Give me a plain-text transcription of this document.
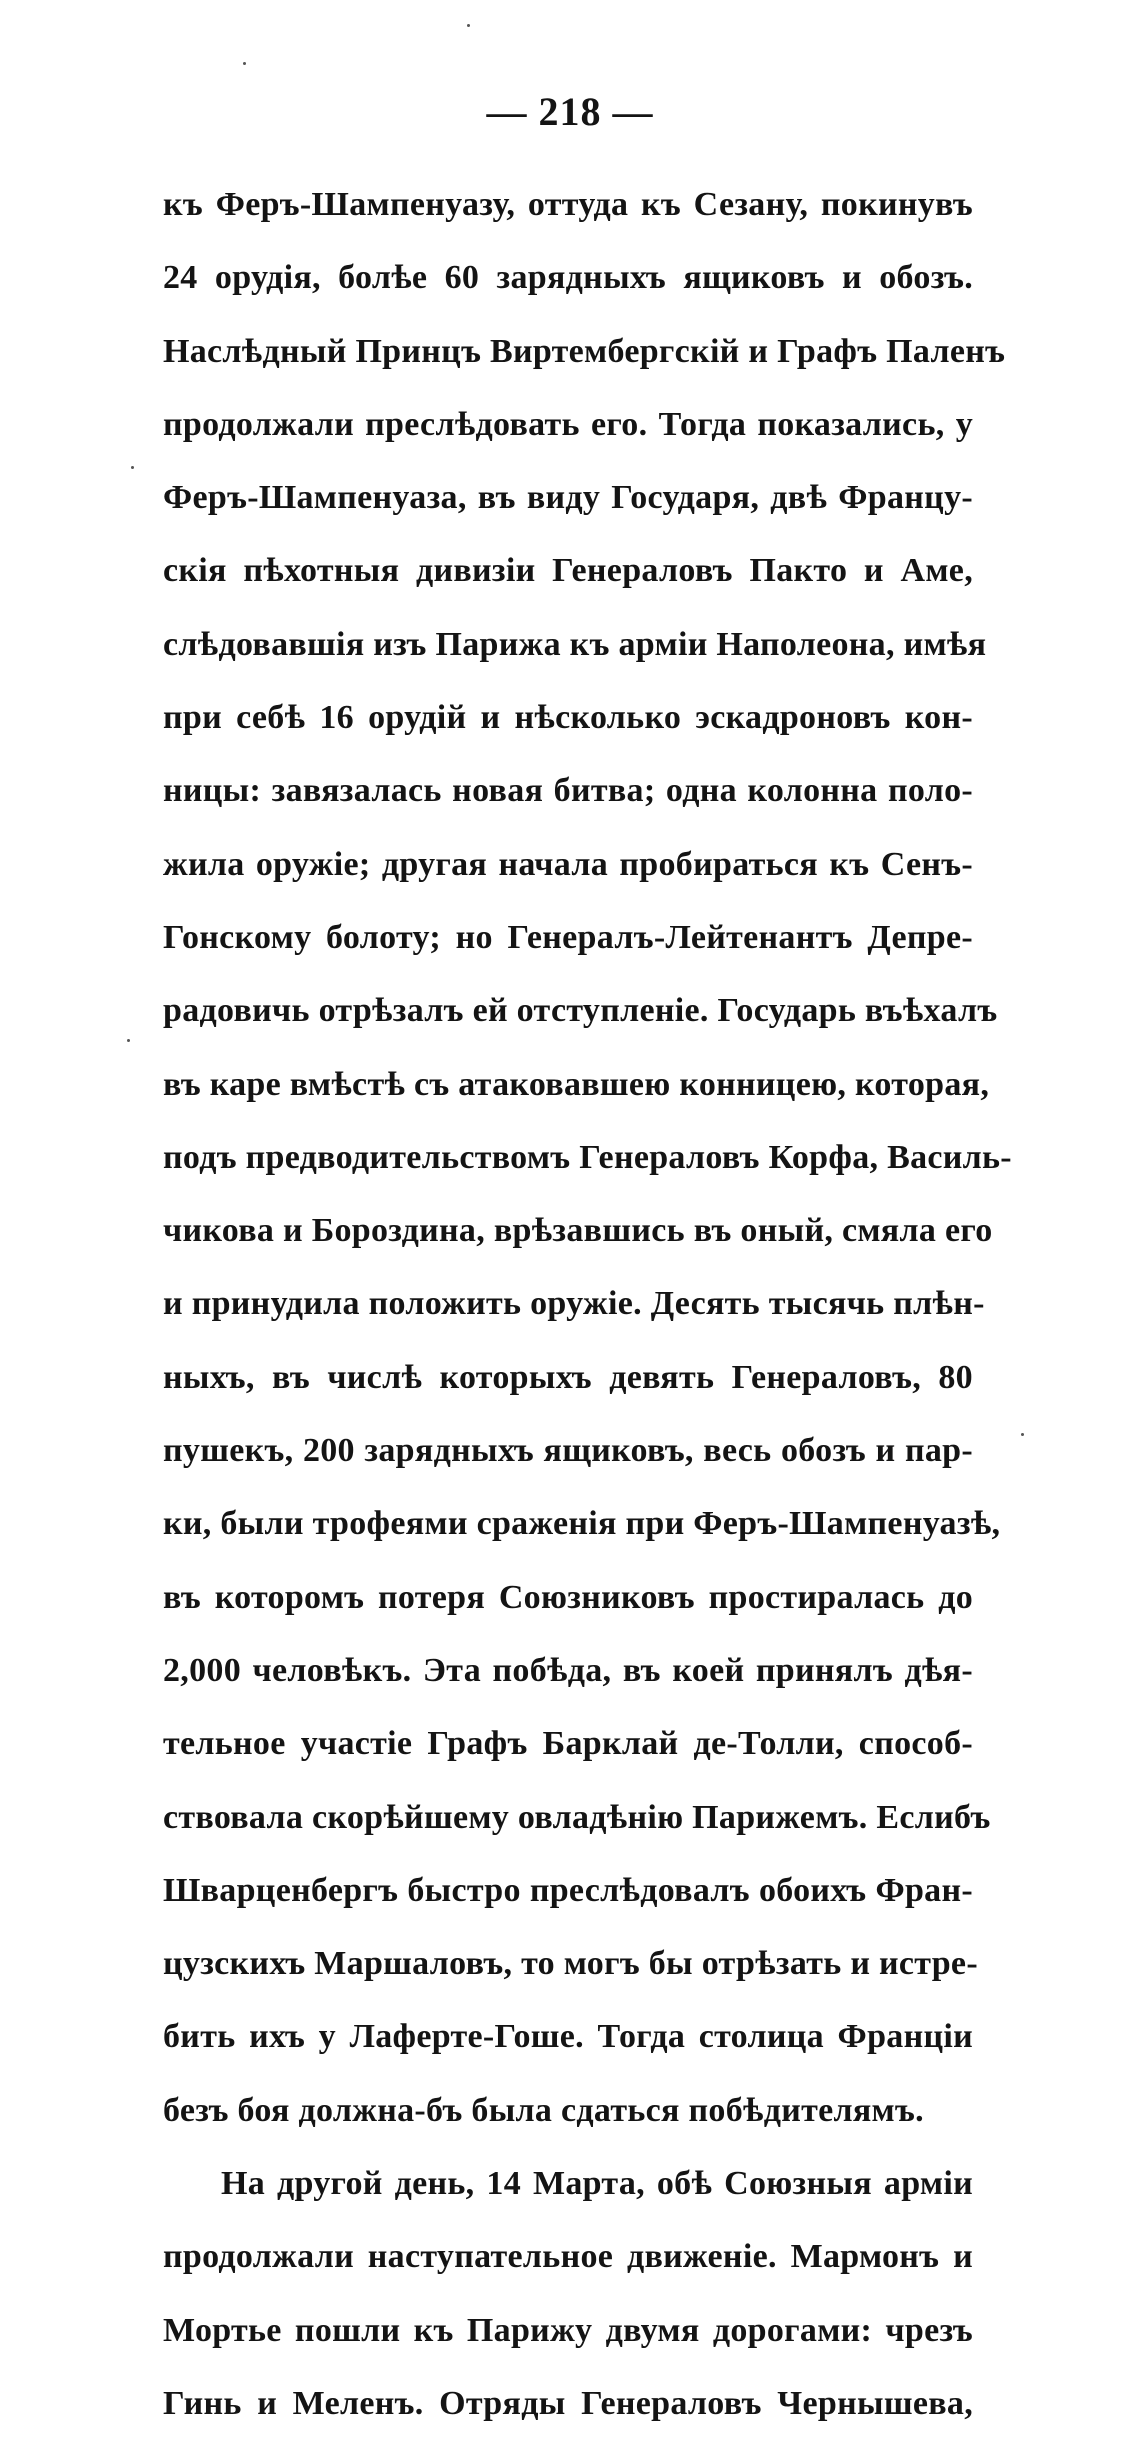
— 218 —
къ Феръ-Шампенуазу, оттуда къ Сезану, покинувъ
24 орудія, болѣе 60 зарядныхъ ящиковъ и обозъ.
Наслѣдный Принцъ Виртембергскій и Графъ Паленъ
продолжали преслѣдовать его. Тогда показались, у
Феръ-Шампенуаза, въ виду Государя, двѣ Францу-
скія пѣхотныя дивизіи Генераловъ Пакто и Аме,
слѣдовавшія изъ Парижа къ арміи Наполеона, имѣя
при себѣ 16 орудій и нѣсколько эскадроновъ кон-
ницы: завязалась новая битва; одна колонна поло-
жила оружіе; другая начала пробираться къ Сенъ-
Гонскому болоту; но Генералъ-Лейтенантъ Депре-
радовичь отрѣзалъ ей отступленіе. Государь въѣхалъ
въ каре вмѣстѣ съ атаковавшею конницею, которая,
подъ предводительствомъ Генераловъ Корфа, Василь-
чикова и Бороздина, врѣзавшись въ оный, смяла его
и принудила положить оружіе. Десять тысячь плѣн-
ныхъ, въ числѣ которыхъ девять Генераловъ, 80
пушекъ, 200 зарядныхъ ящиковъ, весь обозъ и пар-
ки, были трофеями сраженія при Феръ-Шампенуазѣ,
въ которомъ потеря Союзниковъ простиралась до
2,000 человѣкъ. Эта побѣда, въ коей принялъ дѣя-
тельное участіе Графъ Барклай де-Толли, способ-
ствовала скорѣйшему овладѣнію Парижемъ. Еслибъ
Шварценбергъ быстро преслѣдовалъ обоихъ Фран-
цузскихъ Маршаловъ, то могъ бы отрѣзать и истре-
бить ихъ у Лаферте-Гоше. Тогда столица Франціи
безъ боя должна-бъ была сдаться побѣдителямъ.
На другой день, 14 Марта, обѣ Союзныя арміи
продолжали наступательное движеніе. Мармонъ и
Мортье пошли къ Парижу двумя дорогами: чрезъ
Гинь и Меленъ. Отряды Генераловъ Чернышева,
